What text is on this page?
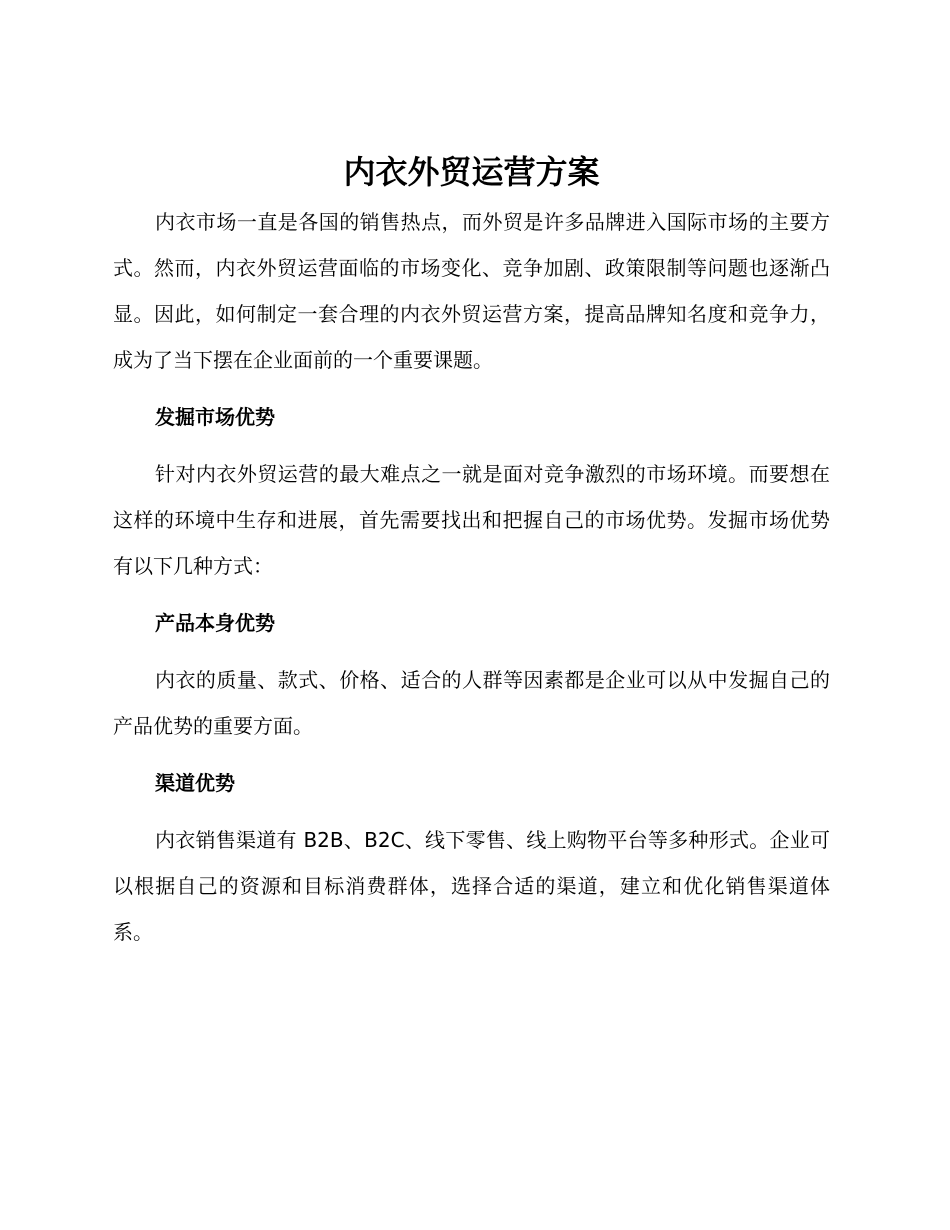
内衣外贸运营方案

内衣市场一直是各国的销售热点，而外贸是许多品牌进入国际市场的主要方式。然而，内衣外贸运营面临的市场变化、竞争加剧、政策限制等问题也逐渐凸显。因此，如何制定一套合理的内衣外贸运营方案，提高品牌知名度和竞争力，成为了当下摆在企业面前的一个重要课题。

发掘市场优势

针对内衣外贸运营的最大难点之一就是面对竞争激烈的市场环境。而要想在这样的环境中生存和进展，首先需要找出和把握自己的市场优势。发掘市场优势有以下几种方式：

产品本身优势

内衣的质量、款式、价格、适合的人群等因素都是企业可以从中发掘自己的产品优势的重要方面。

渠道优势

内衣销售渠道有 B2B、B2C、线下零售、线上购物平台等多种形式。企业可以根据自己的资源和目标消费群体，选择合适的渠道，建立和优化销售渠道体系。
